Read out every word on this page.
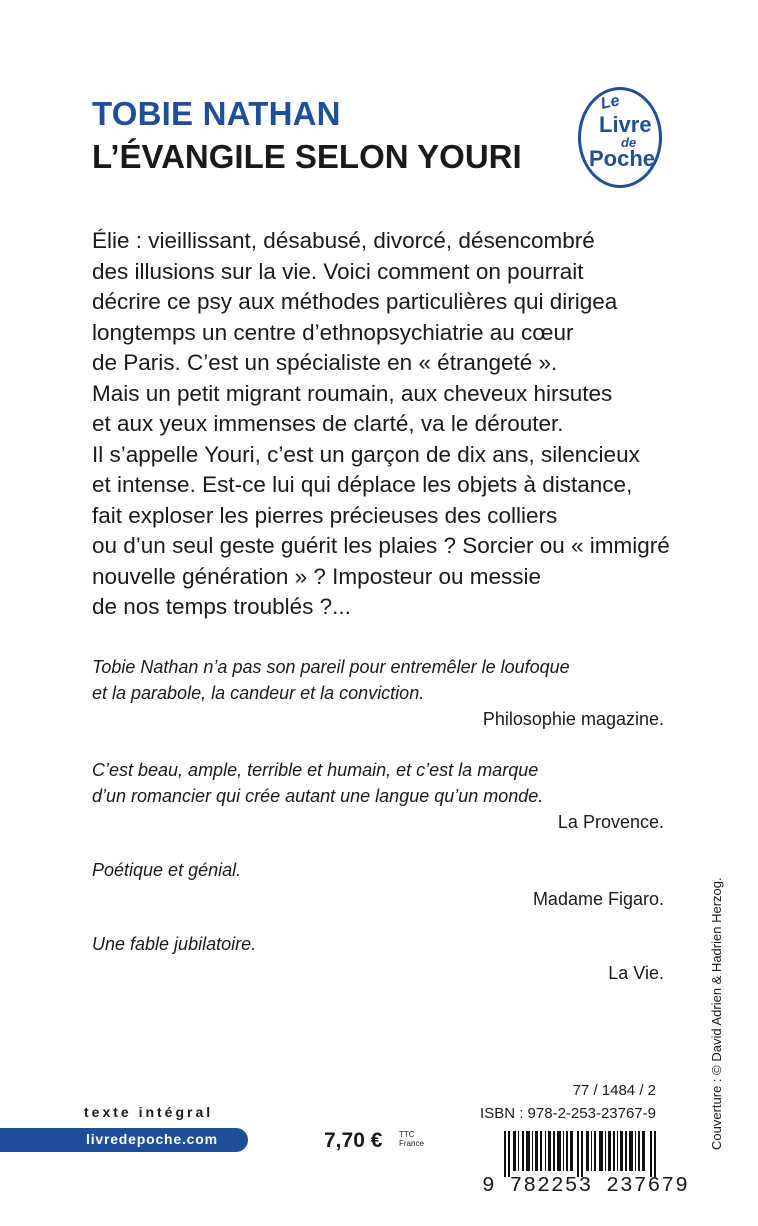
TOBIE NATHAN
L’ÉVANGILE SELON YOURI
Le
Livre
de
Poche
Élie : vieillissant, désabusé, divorcé, désencombré
des illusions sur la vie. Voici comment on pourrait
décrire ce psy aux méthodes particulières qui dirigea
longtemps un centre d’ethnopsychiatrie au cœur
de Paris. C’est un spécialiste en « étrangeté ».
Mais un petit migrant roumain, aux cheveux hirsutes
et aux yeux immenses de clarté, va le dérouter.
Il s’appelle Youri, c’est un garçon de dix ans, silencieux
et intense. Est-ce lui qui déplace les objets à distance,
fait exploser les pierres précieuses des colliers
ou d’un seul geste guérit les plaies ? Sorcier ou « immigré
nouvelle génération » ? Imposteur ou messie
de nos temps troublés ?...
Tobie Nathan n’a pas son pareil pour entremêler le loufoque
et la parabole, la candeur et la conviction.
Philosophie magazine.
C’est beau, ample, terrible et humain, et c’est la marque
d’un romancier qui crée autant une langue qu’un monde.
La Provence.
Poétique et génial.
Madame Figaro.
Une fable jubilatoire.
La Vie.	Couverture : © David Adrien & Hadrien Herzog.
texte intégral
livredepoche.com	7,70 € TTC
France
77 / 1484 / 2
ISBN : 978-2-253-23767-9
9 782253 237679
